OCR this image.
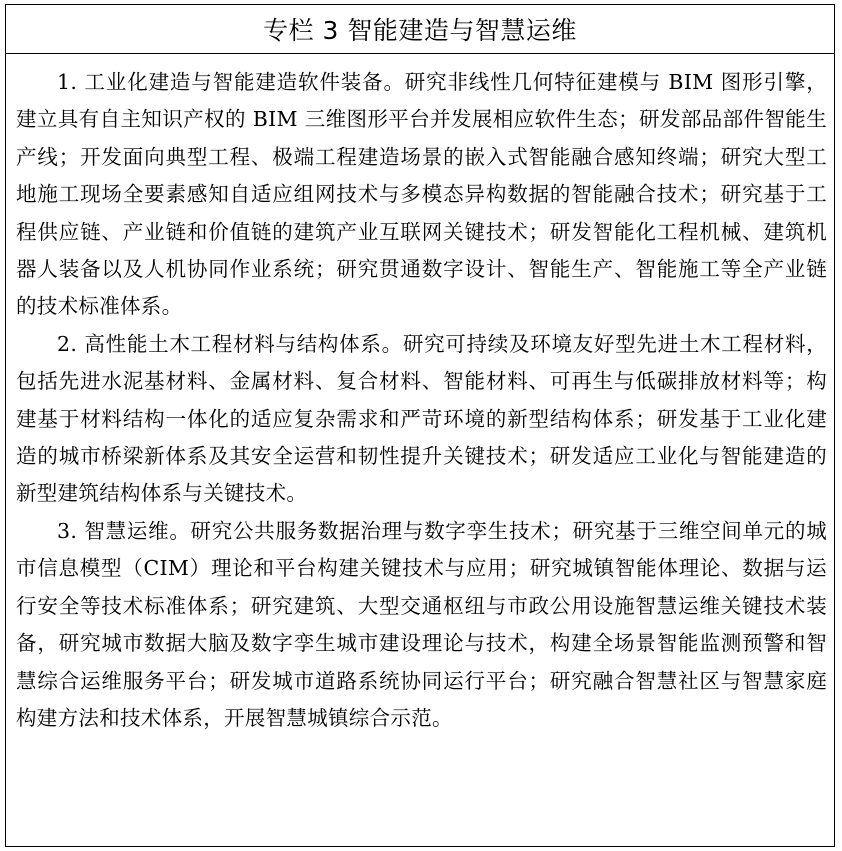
专栏 3 智能建造与智慧运维

1. 工业化建造与智能建造软件装备。研究非线性几何特征建模与 BIM 图形引擎，建立具有自主知识产权的 BIM 三维图形平台并发展相应软件生态；研发部品部件智能生产线；开发面向典型工程、极端工程建造场景的嵌入式智能融合感知终端；研究大型工地施工现场全要素感知自适应组网技术与多模态异构数据的智能融合技术；研究基于工程供应链、产业链和价值链的建筑产业互联网关键技术；研发智能化工程机械、建筑机器人装备以及人机协同作业系统；研究贯通数字设计、智能生产、智能施工等全产业链的技术标准体系。

2. 高性能土木工程材料与结构体系。研究可持续及环境友好型先进土木工程材料，包括先进水泥基材料、金属材料、复合材料、智能材料、可再生与低碳排放材料等；构建基于材料结构一体化的适应复杂需求和严苛环境的新型结构体系；研发基于工业化建造的城市桥梁新体系及其安全运营和韧性提升关键技术；研发适应工业化与智能建造的新型建筑结构体系与关键技术。

3. 智慧运维。研究公共服务数据治理与数字孪生技术；研究基于三维空间单元的城市信息模型（CIM）理论和平台构建关键技术与应用；研究城镇智能体理论、数据与运行安全等技术标准体系；研究建筑、大型交通枢纽与市政公用设施智慧运维关键技术装备，研究城市数据大脑及数字孪生城市建设理论与技术，构建全场景智能监测预警和智慧综合运维服务平台；研发城市道路系统协同运行平台；研究融合智慧社区与智慧家庭构建方法和技术体系，开展智慧城镇综合示范。
